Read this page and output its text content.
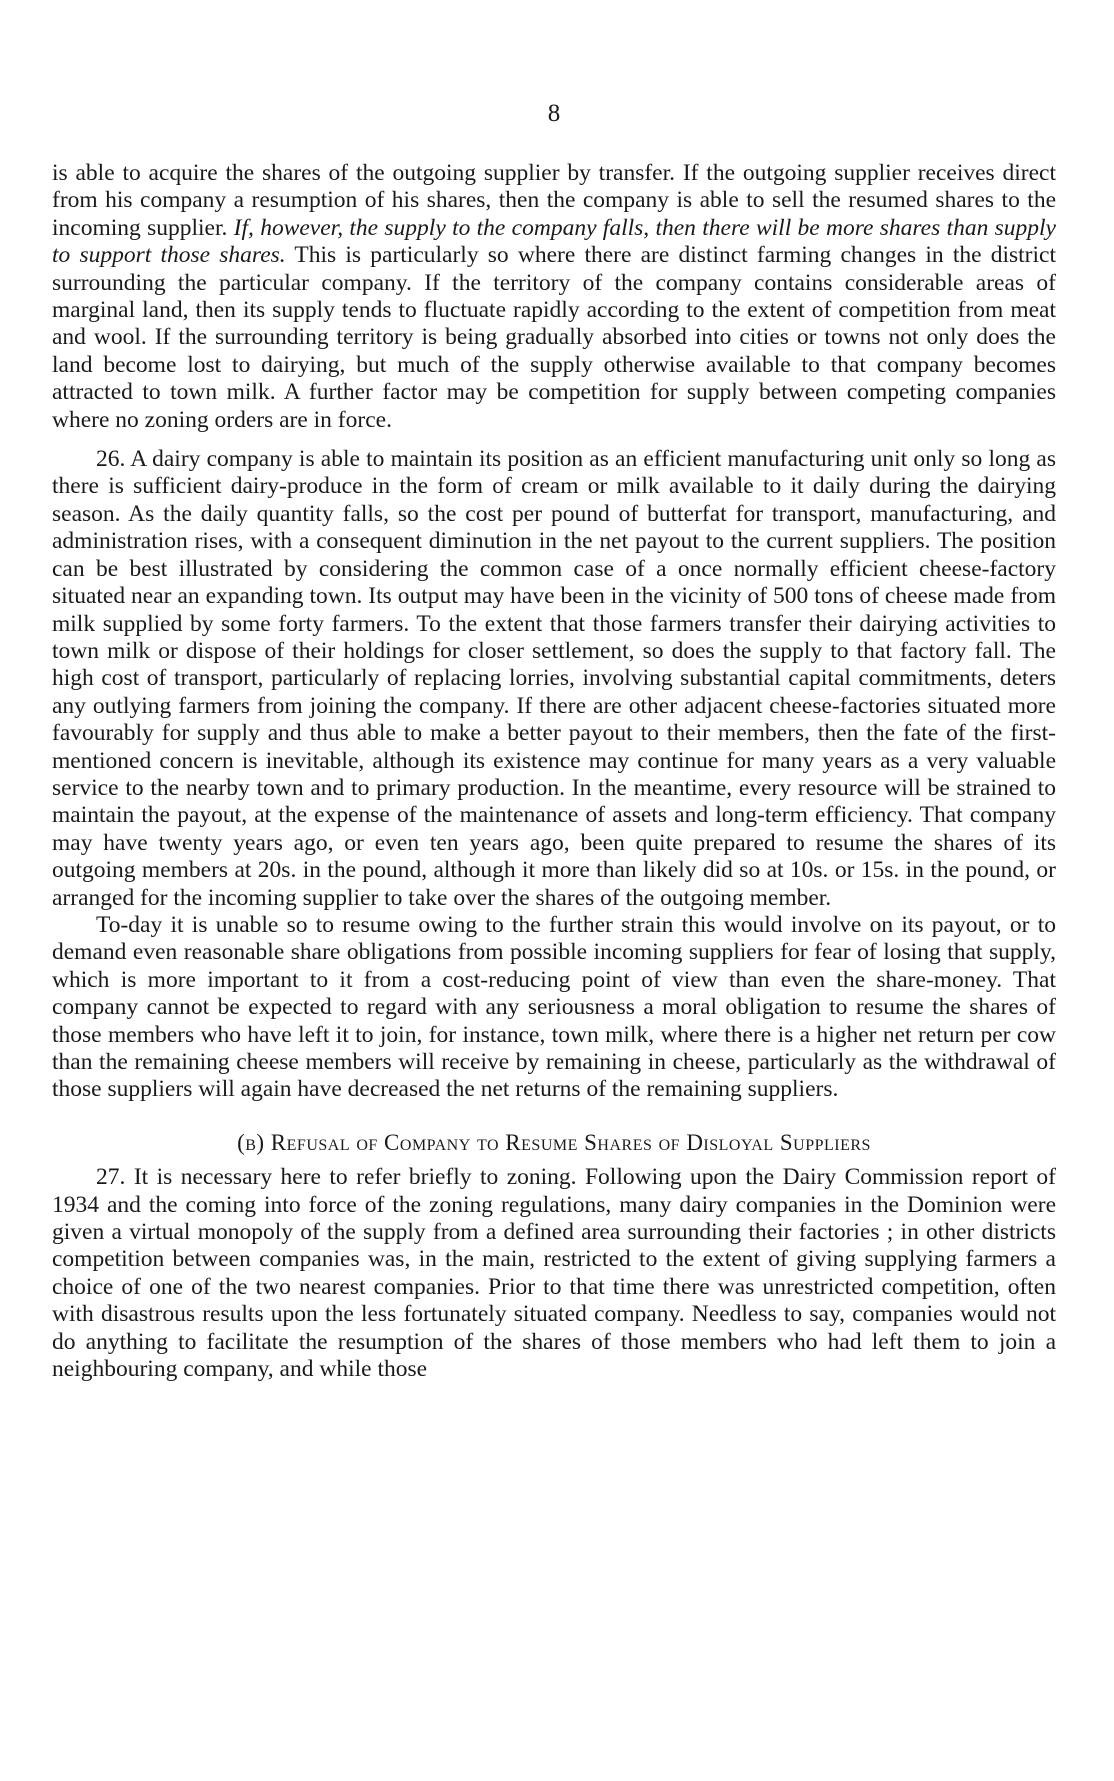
8

is able to acquire the shares of the outgoing supplier by transfer. If the outgoing supplier receives direct from his company a resumption of his shares, then the company is able to sell the resumed shares to the incoming supplier. If, however, the supply to the company falls, then there will be more shares than supply to support those shares. This is particularly so where there are distinct farming changes in the district surrounding the particular company. If the territory of the company contains considerable areas of marginal land, then its supply tends to fluctuate rapidly according to the extent of competition from meat and wool. If the surrounding territory is being gradually absorbed into cities or towns not only does the land become lost to dairying, but much of the supply otherwise available to that company becomes attracted to town milk. A further factor may be competition for supply between competing companies where no zoning orders are in force.

26. A dairy company is able to maintain its position as an efficient manufacturing unit only so long as there is sufficient dairy-produce in the form of cream or milk available to it daily during the dairying season. As the daily quantity falls, so the cost per pound of butterfat for transport, manufacturing, and administration rises, with a consequent diminution in the net payout to the current suppliers. The position can be best illustrated by considering the common case of a once normally efficient cheese-factory situated near an expanding town. Its output may have been in the vicinity of 500 tons of cheese made from milk supplied by some forty farmers. To the extent that those farmers transfer their dairying activities to town milk or dispose of their holdings for closer settlement, so does the supply to that factory fall. The high cost of transport, particularly of replacing lorries, involving substantial capital commitments, deters any outlying farmers from joining the company. If there are other adjacent cheese-factories situated more favourably for supply and thus able to make a better payout to their members, then the fate of the first-mentioned concern is inevitable, although its existence may continue for many years as a very valuable service to the nearby town and to primary production. In the meantime, every resource will be strained to maintain the payout, at the expense of the maintenance of assets and long-term efficiency. That company may have twenty years ago, or even ten years ago, been quite prepared to resume the shares of its outgoing members at 20s. in the pound, although it more than likely did so at 10s. or 15s. in the pound, or arranged for the incoming supplier to take over the shares of the outgoing member.

To-day it is unable so to resume owing to the further strain this would involve on its payout, or to demand even reasonable share obligations from possible incoming suppliers for fear of losing that supply, which is more important to it from a cost-reducing point of view than even the share-money. That company cannot be expected to regard with any seriousness a moral obligation to resume the shares of those members who have left it to join, for instance, town milk, where there is a higher net return per cow than the remaining cheese members will receive by remaining in cheese, particularly as the withdrawal of those suppliers will again have decreased the net returns of the remaining suppliers.

(b) Refusal of Company to Resume Shares of Disloyal Suppliers

27. It is necessary here to refer briefly to zoning. Following upon the Dairy Commission report of 1934 and the coming into force of the zoning regulations, many dairy companies in the Dominion were given a virtual monopoly of the supply from a defined area surrounding their factories ; in other districts competition between companies was, in the main, restricted to the extent of giving supplying farmers a choice of one of the two nearest companies. Prior to that time there was unrestricted competition, often with disastrous results upon the less fortunately situated company. Needless to say, companies would not do anything to facilitate the resumption of the shares of those members who had left them to join a neighbouring company, and while those
